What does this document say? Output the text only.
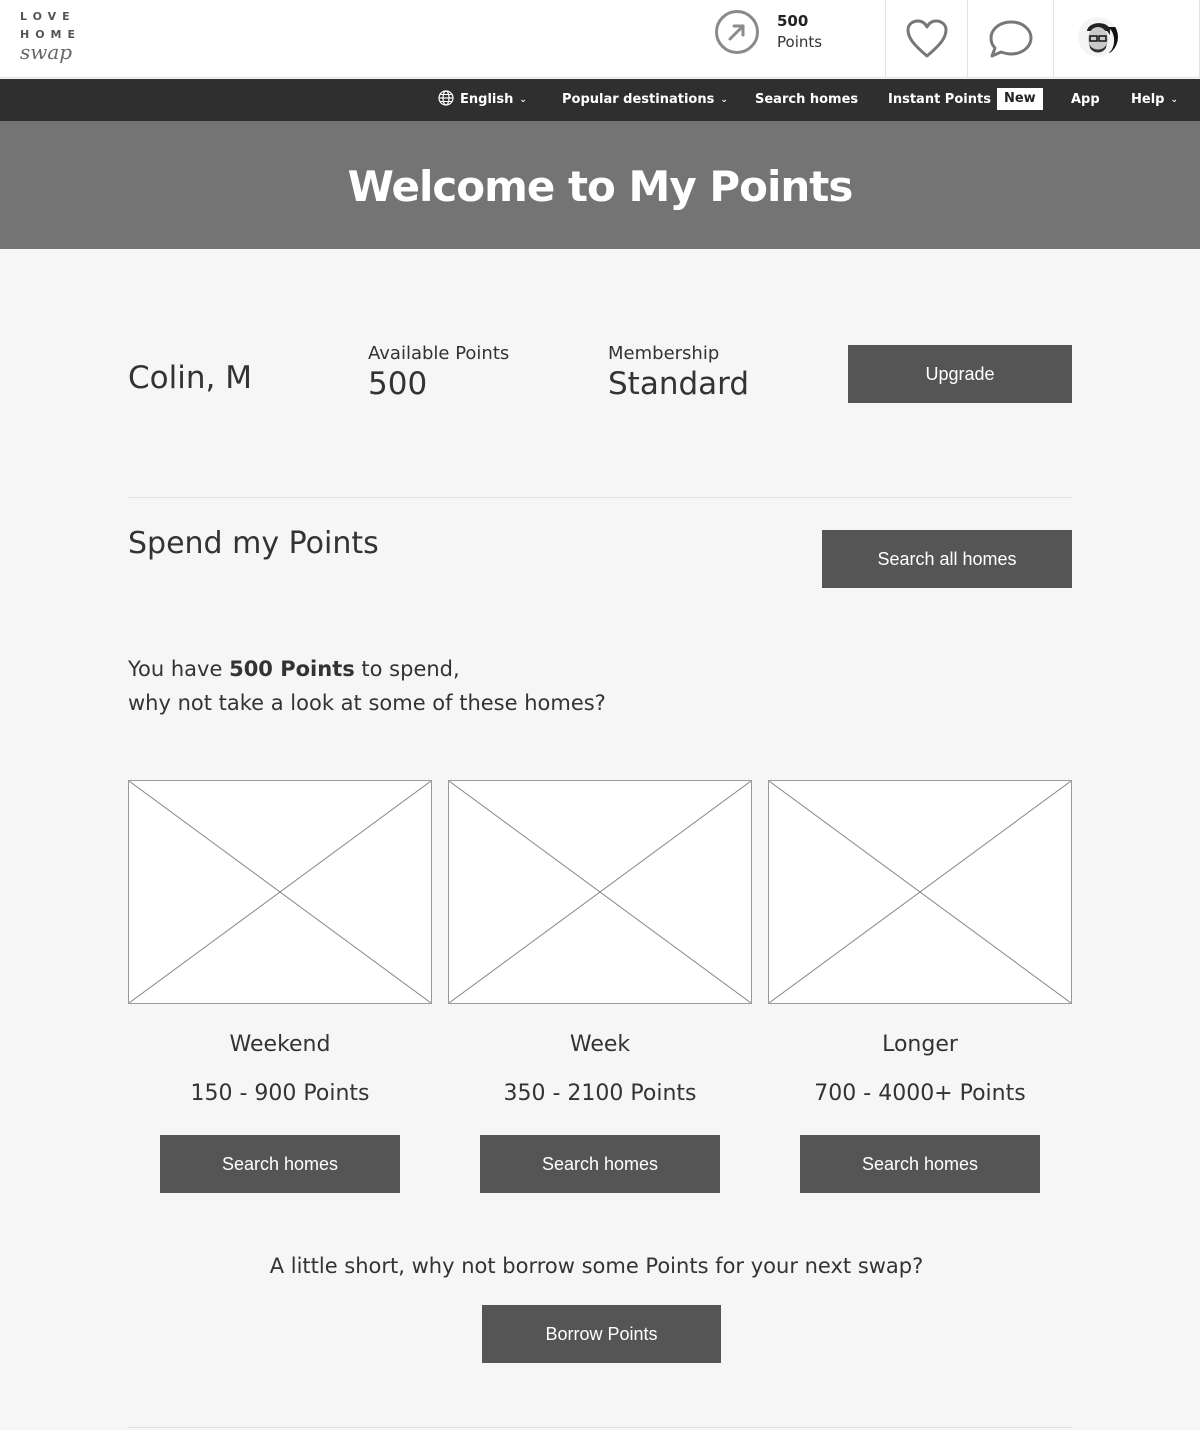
LOVE
HOME
swap
500
Points
English ⌄	Popular destinations ⌄ Search homes Instant Points New	App Help ⌄
Welcome to My Points
Colin, M
Available Points
500
Membership
Standard	Upgrade
Spend my Points	Search all homes
You have 500 Points to spend,
why not take a look at some of these homes?
Weekend	Week	Longer
150 - 900 Points	350 - 2100 Points	700 - 4000+ Points
Search homes	Search homes	Search homes
A little short, why not borrow some Points for your next swap?
Borrow Points
